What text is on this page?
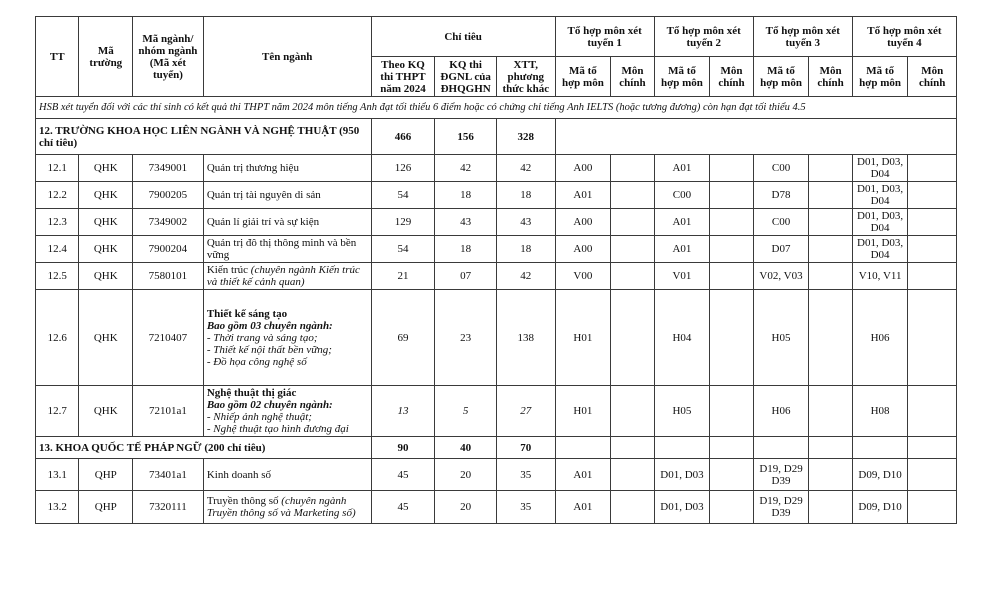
TT	Mã trường	Mã ngành/ nhóm ngành (Mã xét tuyển)	Tên ngành	Chỉ tiêu			Tổ hợp môn xét tuyển 1		Tổ hợp môn xét tuyển 2		Tổ hợp môn xét tuyển 3		Tổ hợp môn xét tuyển 4	
				Theo KQ thi THPT năm 2024	KQ thi ĐGNL của ĐHQGHN	XTT, phương thức khác	Mã tổ hợp môn	Môn chính	Mã tổ hợp môn	Môn chính	Mã tổ hợp môn	Môn chính	Mã tổ hợp môn	Môn chính
HSB xét tuyển đối với các thí sinh có kết quả thi THPT năm 2024 môn tiếng Anh đạt tối thiểu 6 điểm hoặc có chứng chỉ tiếng Anh IELTS (hoặc tương đương) còn hạn đạt tối thiểu 4.5														
12. TRƯỜNG KHOA HỌC LIÊN NGÀNH VÀ NGHỆ THUẬT (950 chỉ tiêu)				466	156	328								
12.1	QHK	7349001	Quản trị thương hiệu	126	42	42	A00		A01		C00		D01, D03, D04	
12.2	QHK	7900205	Quản trị tài nguyên di sản	54	18	18	A01		C00		D78		D01, D03, D04	
12.3	QHK	7349002	Quản lí giải trí và sự kiện	129	43	43	A00		A01		C00		D01, D03, D04	
12.4	QHK	7900204	Quản trị đô thị thông minh và bền vững	54	18	18	A00		A01		D07		D01, D03, D04	
12.5	QHK	7580101	Kiến trúc (chuyên ngành Kiến trúc và thiết kế cảnh quan)	21	07	42	V00		V01		V02, V03		V10, V11	
12.6	QHK	7210407	Thiết kế sáng tạo
Bao gồm 03 chuyên ngành:
- Thời trang và sáng tạo;
- Thiết kế nội thất bền vững;
- Đồ họa công nghệ số	69	23	138	H01		H04		H05		H06	
12.7	QHK	72101a1	Nghệ thuật thị giác
Bao gồm 02 chuyên ngành:
- Nhiếp ảnh nghệ thuật;
- Nghệ thuật tạo hình đương đại	13	5	27	H01		H05		H06		H08	
13. KHOA QUỐC TẾ PHÁP NGỮ (200 chỉ tiêu)				90	40	70								
13.1	QHP	73401a1	Kinh doanh số	45	20	35	A01		D01, D03		D19, D29 D39		D09, D10	
13.2	QHP	7320111	Truyền thông số (chuyên ngành Truyền thông số và Marketing số)	45	20	35	A01		D01, D03		D19, D29 D39		D09, D10	
